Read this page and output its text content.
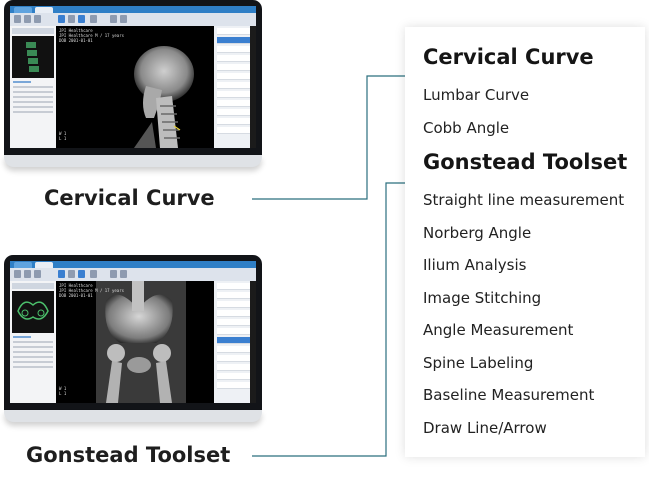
JPI Healthcare
JPI Healthcare M / 17 years
DOB 2001-01-01
W 1
L 1
Cervical Curve
JPI Healthcare
JPI Healthcare M / 17 years
DOB 2001-01-01
W 1
L 1
Gonstead Toolset
Cervical Curve
Lumbar Curve
Cobb Angle
Gonstead Toolset
Straight line measurement
Norberg Angle
Ilium Analysis
Image Stitching
Angle Measurement
Spine Labeling
Baseline Measurement
Draw Line/Arrow
